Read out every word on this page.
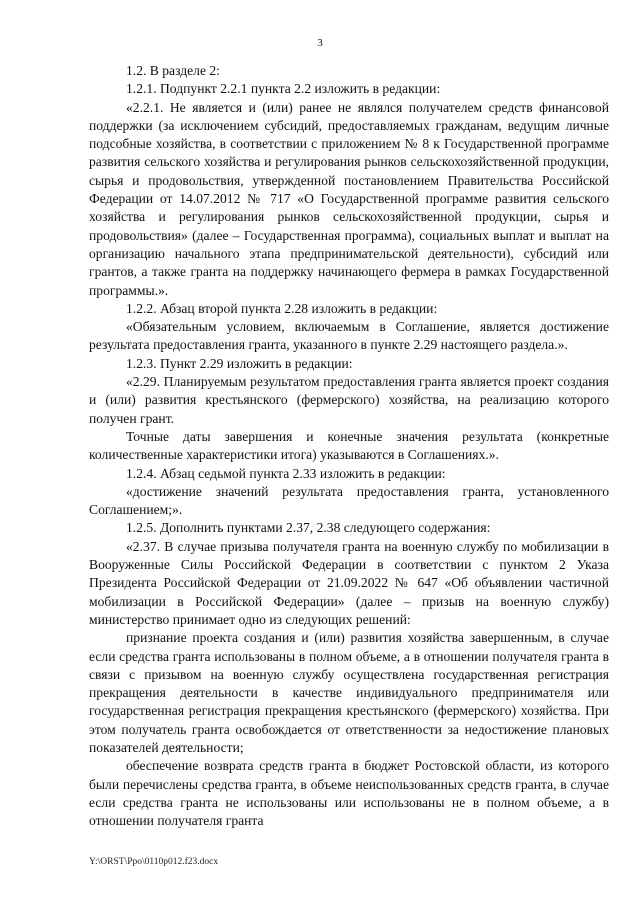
3

1.2. В разделе 2:

1.2.1. Подпункт 2.2.1 пункта 2.2 изложить в редакции:

«2.2.1. Не является и (или) ранее не являлся получателем средств финансовой поддержки (за исключением субсидий, предоставляемых гражданам, ведущим личные подсобные хозяйства, в соответствии с приложением № 8 к Государственной программе развития сельского хозяйства и регулирования рынков сельскохозяйственной продукции, сырья и продовольствия, утвержденной постановлением Правительства Российской Федерации от 14.07.2012 № 717 «О Государственной программе развития сельского хозяйства и регулирования рынков сельскохозяйственной продукции, сырья и продовольствия» (далее – Государственная программа), социальных выплат и выплат на организацию начального этапа предпринимательской деятельности), субсидий или грантов, а также гранта на поддержку начинающего фермера в рамках Государственной программы.».

1.2.2. Абзац второй пункта 2.28 изложить в редакции:

«Обязательным условием, включаемым в Соглашение, является достижение результата предоставления гранта, указанного в пункте 2.29 настоящего раздела.».

1.2.3. Пункт 2.29 изложить в редакции:

«2.29. Планируемым результатом предоставления гранта является проект создания и (или) развития крестьянского (фермерского) хозяйства, на реализацию которого получен грант.

Точные даты завершения и конечные значения результата (конкретные количественные характеристики итога) указываются в Соглашениях.».

1.2.4. Абзац седьмой пункта 2.33 изложить в редакции:

«достижение значений результата предоставления гранта, установленного Соглашением;».

1.2.5. Дополнить пунктами 2.37, 2.38 следующего содержания:

«2.37. В случае призыва получателя гранта на военную службу по мобилизации в Вооруженные Силы Российской Федерации в соответствии с пунктом 2 Указа Президента Российской Федерации от 21.09.2022 № 647 «Об объявлении частичной мобилизации в Российской Федерации» (далее – призыв на военную службу) министерство принимает одно из следующих решений:

признание проекта создания и (или) развития хозяйства завершенным, в случае если средства гранта использованы в полном объеме, а в отношении получателя гранта в связи с призывом на военную службу осуществлена государственная регистрация прекращения деятельности в качестве индивидуального предпринимателя или государственная регистрация прекращения крестьянского (фермерского) хозяйства. При этом получатель гранта освобождается от ответственности за недостижение плановых показателей деятельности;

обеспечение возврата средств гранта в бюджет Ростовской области, из которого были перечислены средства гранта, в объеме неиспользованных средств гранта, в случае если средства гранта не использованы или использованы не в полном объеме, а в отношении получателя гранта

Y:\ORST\Ppo\0110p012.f23.docx
